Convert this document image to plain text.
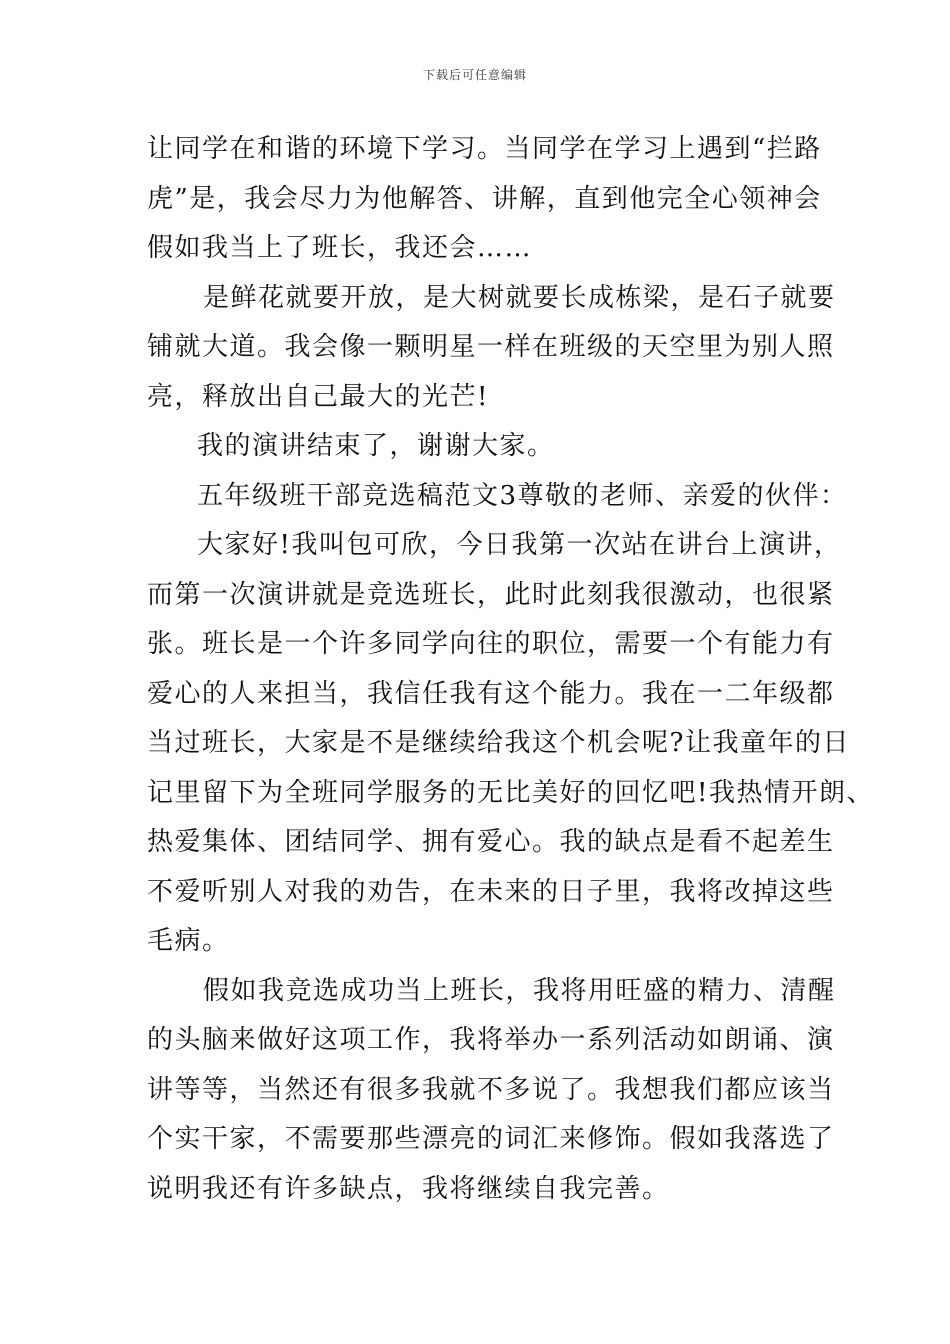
下载后可任意编辑
让同学在和谐的环境下学习。当同学在学习上遇到“拦路
虎”是，我会尽力为他解答、讲解，直到他完全心领神会
假如我当上了班长，我还会……
是鲜花就要开放，是大树就要长成栋梁，是石子就要
铺就大道。我会像一颗明星一样在班级的天空里为别人照
亮，释放出自己最大的光芒!
我的演讲结束了，谢谢大家。
五年级班干部竞选稿范文3尊敬的老师、亲爱的伙伴：
大家好!我叫包可欣，今日我第一次站在讲台上演讲，
而第一次演讲就是竞选班长，此时此刻我很激动，也很紧
张。班长是一个许多同学向往的职位，需要一个有能力有
爱心的人来担当，我信任我有这个能力。我在一二年级都
当过班长，大家是不是继续给我这个机会呢?让我童年的日
记里留下为全班同学服务的无比美好的回忆吧!我热情开朗、
热爱集体、团结同学、拥有爱心。我的缺点是看不起差生
不爱听别人对我的劝告，在未来的日子里，我将改掉这些
毛病。
假如我竞选成功当上班长，我将用旺盛的精力、清醒
的头脑来做好这项工作，我将举办一系列活动如朗诵、演
讲等等，当然还有很多我就不多说了。我想我们都应该当
个实干家，不需要那些漂亮的词汇来修饰。假如我落选了
说明我还有许多缺点，我将继续自我完善。
